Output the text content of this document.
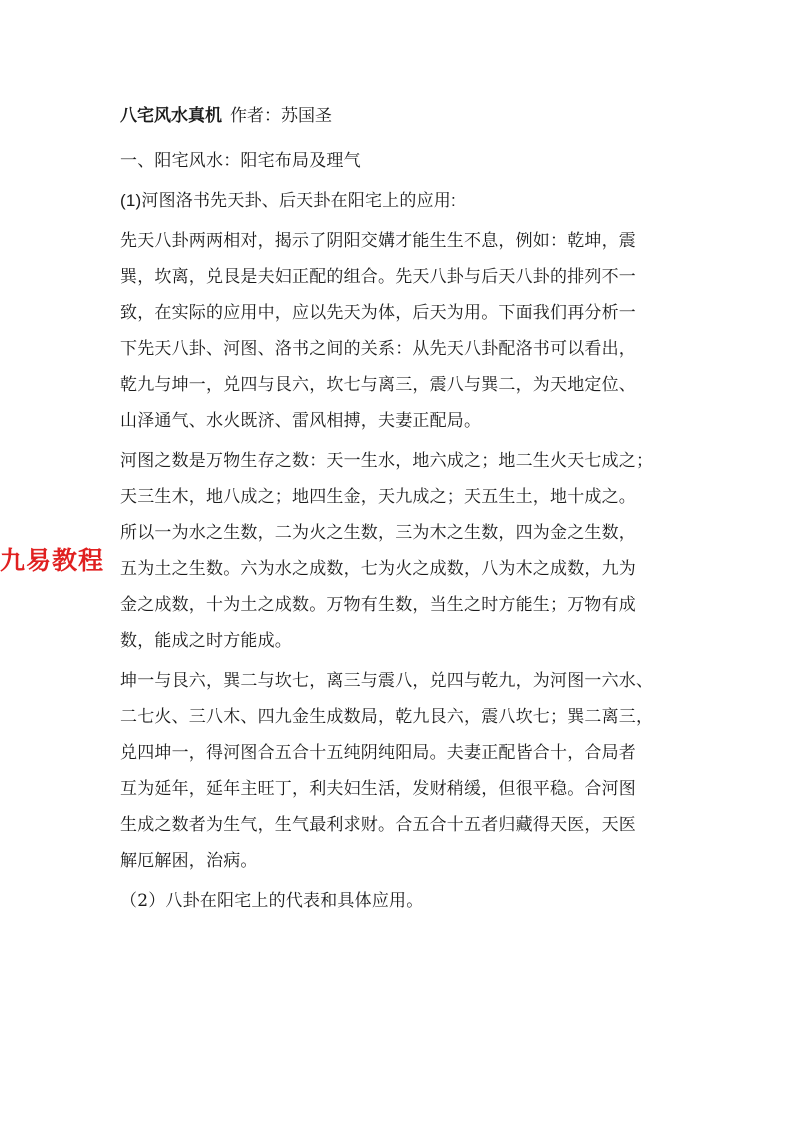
九易教程
八宅风水真机 作者：苏国圣
一、阳宅风水：阳宅布局及理气
(1)河图洛书先天卦、后天卦在阳宅上的应用:
先天八卦两两相对，揭示了阴阳交媾才能生生不息，例如：乾坤，震
巽，坎离，兑艮是夫妇正配的组合。先天八卦与后天八卦的排列不一
致，在实际的应用中，应以先天为体，后天为用。下面我们再分析一
下先天八卦、河图、洛书之间的关系：从先天八卦配洛书可以看出，
乾九与坤一，兑四与艮六，坎七与离三，震八与巽二，为天地定位、
山泽通气、水火既济、雷风相搏，夫妻正配局。
河图之数是万物生存之数：天一生水，地六成之；地二生火天七成之；
天三生木，地八成之；地四生金，天九成之；天五生土，地十成之。
所以一为水之生数，二为火之生数，三为木之生数，四为金之生数，
五为土之生数。六为水之成数，七为火之成数，八为木之成数，九为
金之成数，十为土之成数。万物有生数，当生之时方能生；万物有成
数，能成之时方能成。
坤一与艮六，巽二与坎七，离三与震八，兑四与乾九，为河图一六水、
二七火、三八木、四九金生成数局，乾九艮六，震八坎七；巽二离三，
兑四坤一，得河图合五合十五纯阴纯阳局。夫妻正配皆合十，合局者
互为延年，延年主旺丁，利夫妇生活，发财稍缓，但很平稳。合河图
生成之数者为生气，生气最利求财。合五合十五者归藏得天医，天医
解厄解困，治病。
（2）八卦在阳宅上的代表和具体应用。
